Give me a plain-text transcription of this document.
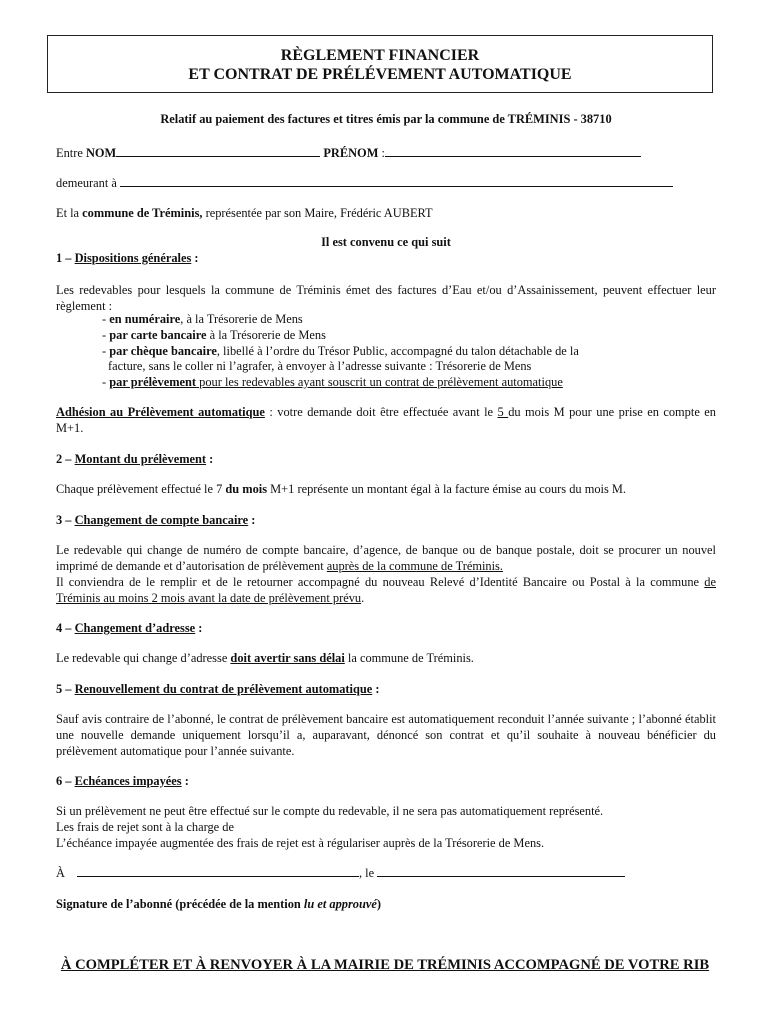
RÈGLEMENT FINANCIER
ET CONTRAT DE PRÉLÉVEMENT AUTOMATIQUE
Relatif au paiement des factures et titres émis par la commune de TRÉMINIS - 38710
Entre NOM	PRÉNOM :
demeurant à
Et la commune de Tréminis, représentée par son Maire, Frédéric AUBERT
Il est convenu ce qui suit
1 – Dispositions générales :
Les redevables pour lesquels la commune de Tréminis émet des factures d’Eau et/ou d’Assainissement, peuvent effectuer leur règlement :
- en numéraire, à la Trésorerie de Mens
- par carte bancaire à la Trésorerie de Mens
- par chèque bancaire, libellé à l’ordre du Trésor Public, accompagné du talon détachable de la
facture, sans le coller ni l’agrafer, à envoyer à l’adresse suivante : Trésorerie de Mens
- par prélèvement pour les redevables ayant souscrit un contrat de prélèvement automatique
Adhésion au Prélèvement automatique : votre demande doit être effectuée avant le 5 du mois M pour une prise en compte en M+1.
2 – Montant du prélèvement :
Chaque prélèvement effectué le 7 du mois M+1 représente un montant égal à la facture émise au cours du mois M.
3 – Changement de compte bancaire :
Le redevable qui change de numéro de compte bancaire, d’agence, de banque ou de banque postale, doit se procurer un nouvel imprimé de demande et d’autorisation de prélèvement auprès de la commune de Tréminis.
Il conviendra de le remplir et de le retourner accompagné du nouveau Relevé d’Identité Bancaire ou Postal à la commune de Tréminis au moins 2 mois avant la date de prélèvement prévu.
4 – Changement d’adresse :
Le redevable qui change d’adresse doit avertir sans délai la commune de Tréminis.
5 – Renouvellement du contrat de prélèvement automatique :
Sauf avis contraire de l’abonné, le contrat de prélèvement bancaire est automatiquement reconduit l’année suivante ; l’abonné établit une nouvelle demande uniquement lorsqu’il a, auparavant, dénoncé son contrat et qu’il souhaite à nouveau bénéficier du prélèvement automatique pour l’année suivante.
6 – Echéances impayées :
Si un prélèvement ne peut être effectué sur le compte du redevable, il ne sera pas automatiquement représenté.
Les frais de rejet sont à la charge de
L’échéance impayée augmentée des frais de rejet est à régulariser auprès de la Trésorerie de Mens.
À	, le
Signature de l’abonné (précédée de la mention lu et approuvé)
À COMPLÉTER ET À RENVOYER À LA MAIRIE DE TRÉMINIS ACCOMPAGNÉ DE VOTRE RIB
